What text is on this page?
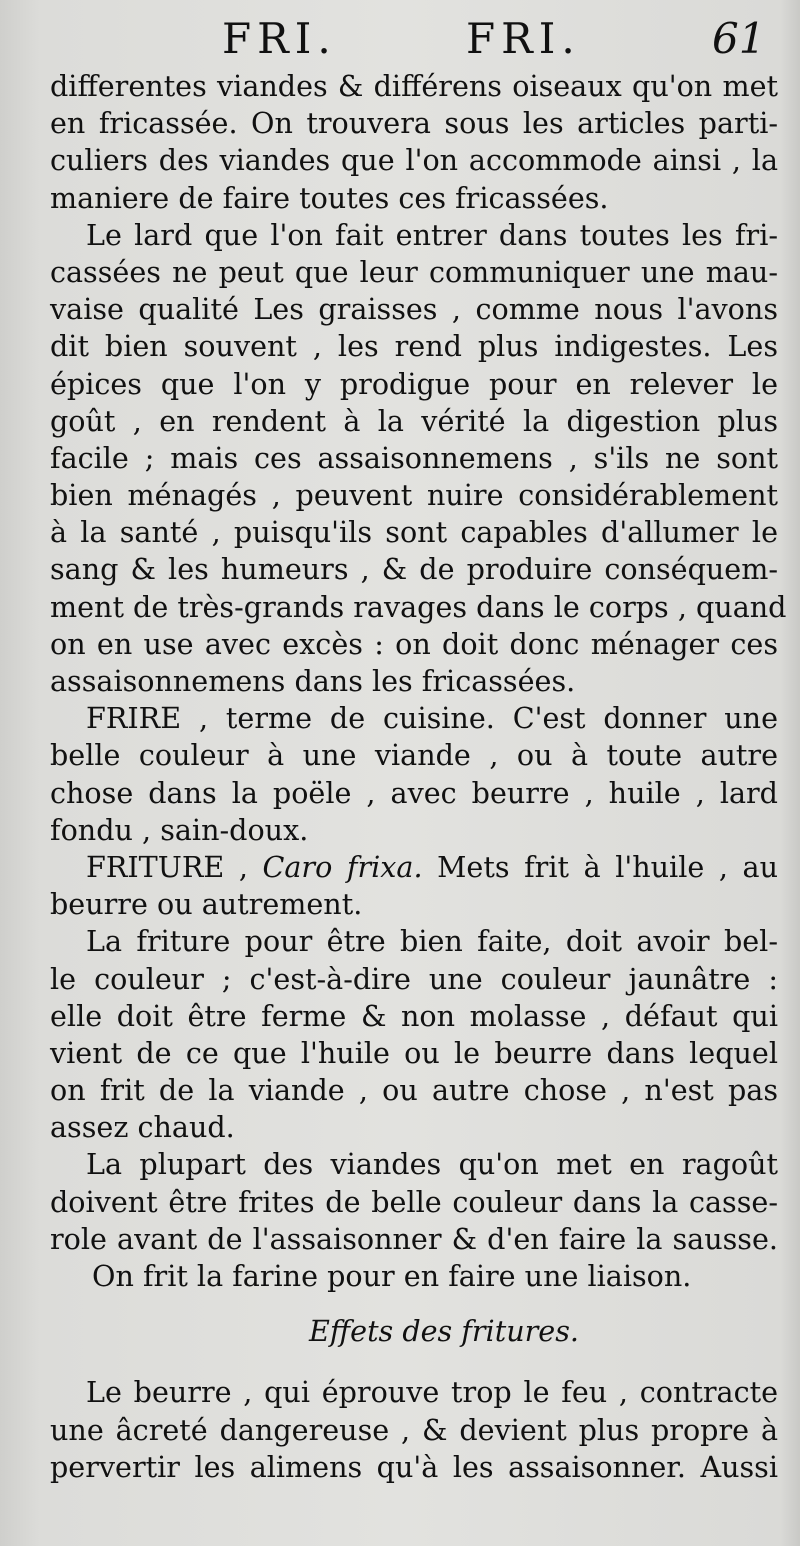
FRI.	FRI.	61
differentes viandes & différens oiseaux qu'on met
en fricassée. On trouvera sous les articles parti-
culiers des viandes que l'on accommode ainsi , la
maniere de faire toutes ces fricassées.
Le lard que l'on fait entrer dans toutes les fri-
cassées ne peut que leur communiquer une mau-
vaise qualité Les graisses , comme nous l'avons
dit bien souvent , les rend plus indigestes. Les
épices que l'on y prodigue pour en relever le
goût , en rendent à la vérité la digestion plus
facile ; mais ces assaisonnemens , s'ils ne sont
bien ménagés , peuvent nuire considérablement
à la santé , puisqu'ils sont capables d'allumer le
sang & les humeurs , & de produire conséquem-
ment de très-grands ravages dans le corps , quand
on en use avec excès : on doit donc ménager ces
assaisonnemens dans les fricassées.
FRIRE , terme de cuisine. C'est donner une
belle couleur à une viande , ou à toute autre
chose dans la poële , avec beurre , huile , lard
fondu , sain-doux.
FRITURE , Caro frixa. Mets frit à l'huile , au
beurre ou autrement.
La friture pour être bien faite, doit avoir bel-
le couleur ; c'est-à-dire une couleur jaunâtre :
elle doit être ferme & non molasse , défaut qui
vient de ce que l'huile ou le beurre dans lequel
on frit de la viande , ou autre chose , n'est pas
assez chaud.
La plupart des viandes qu'on met en ragoût
doivent être frites de belle couleur dans la casse-
role avant de l'assaisonner & d'en faire la sausse.
On frit la farine pour en faire une liaison.
Effets des fritures.
Le beurre , qui éprouve trop le feu , contracte
une âcreté dangereuse , & devient plus propre à
pervertir les alimens qu'à les assaisonner. Aussi
